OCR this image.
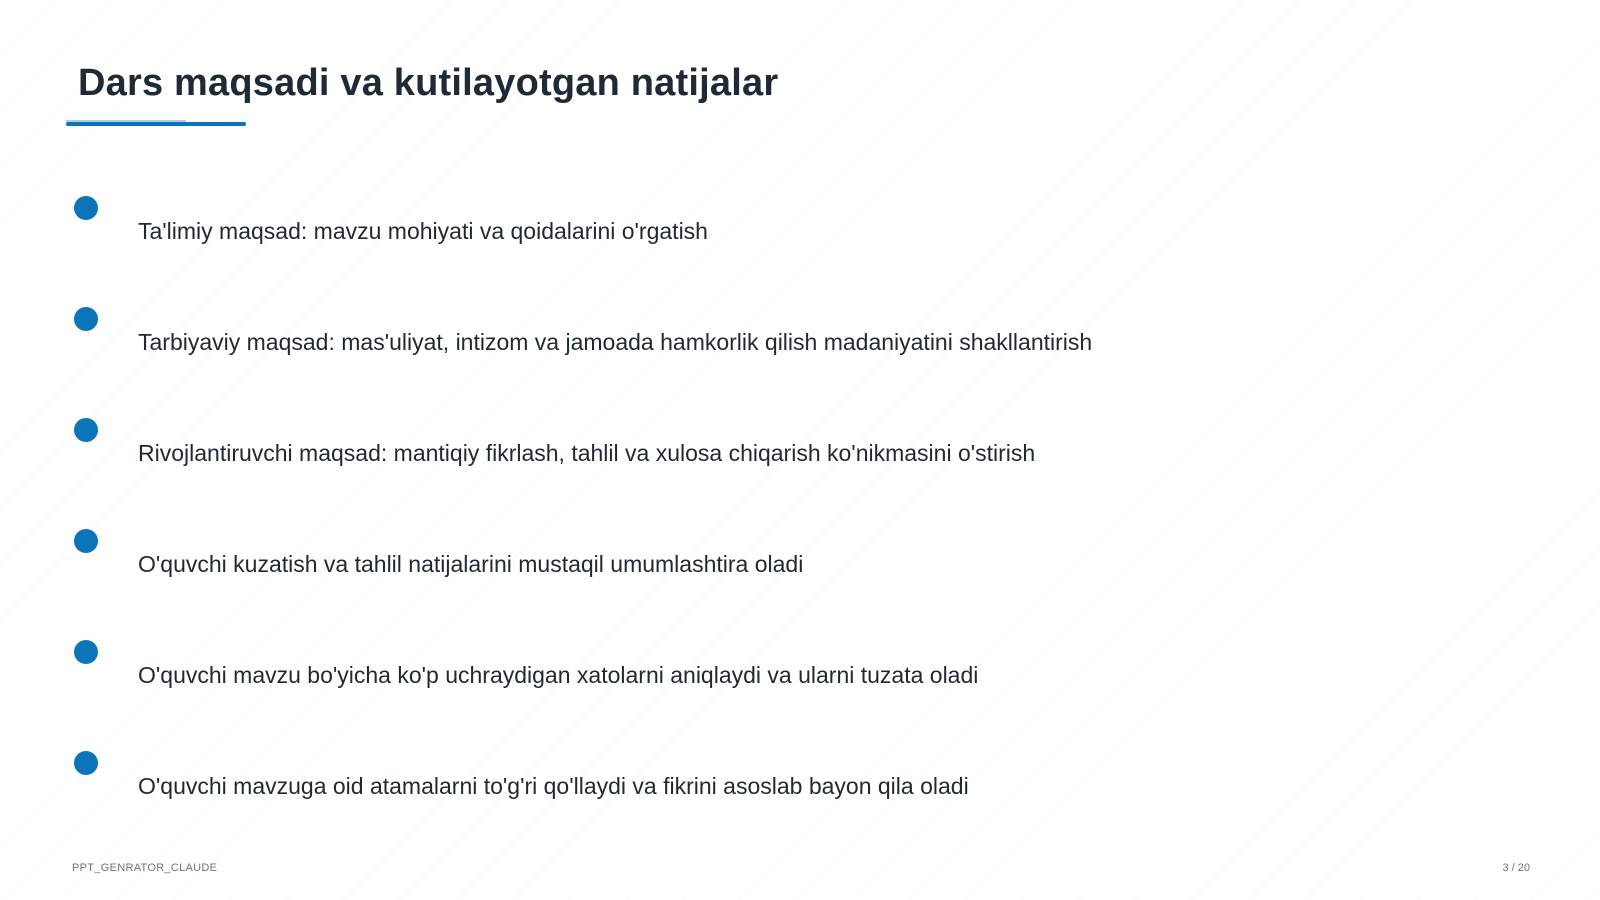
Dars maqsadi va kutilayotgan natijalar
Ta'limiy maqsad: mavzu mohiyati va qoidalarini o'rgatish
Tarbiyaviy maqsad: mas'uliyat, intizom va jamoada hamkorlik qilish madaniyatini shakllantirish
Rivojlantiruvchi maqsad: mantiqiy fikrlash, tahlil va xulosa chiqarish ko'nikmasini o'stirish
O'quvchi kuzatish va tahlil natijalarini mustaqil umumlashtira oladi
O'quvchi mavzu bo'yicha ko'p uchraydigan xatolarni aniqlaydi va ularni tuzata oladi
O'quvchi mavzuga oid atamalarni to'g'ri qo'llaydi va fikrini asoslab bayon qila oladi
PPT_GENRATOR_CLAUDE	3 / 20
